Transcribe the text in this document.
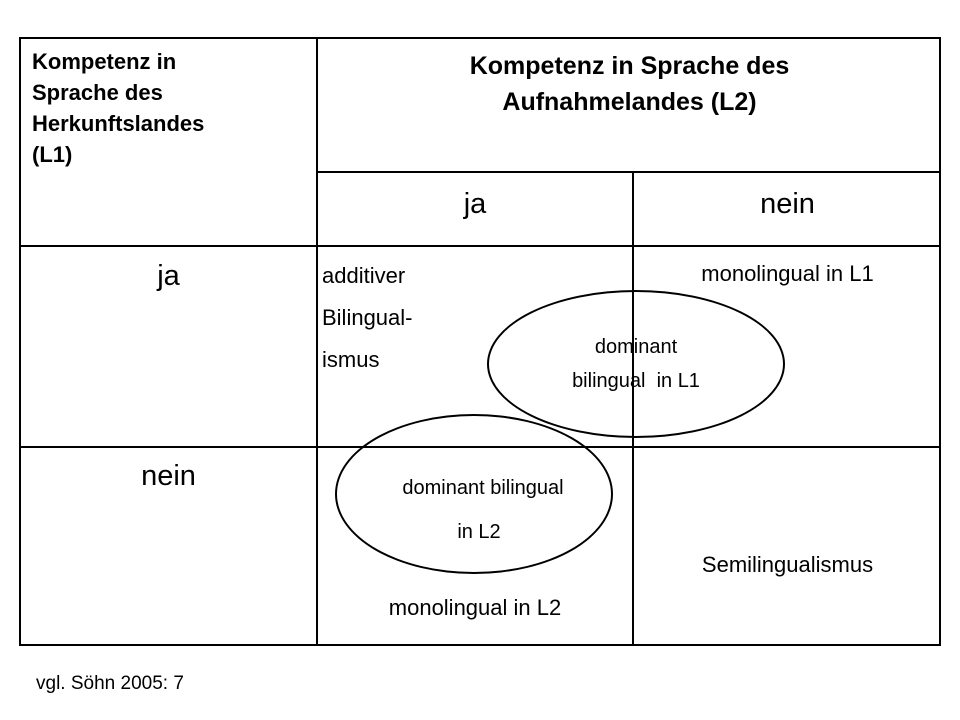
Kompetenz in
Sprache des
Herkunftslandes
(L1)
Kompetenz in Sprache des
Aufnahmelandes (L2)
ja	nein
ja	additiver
Bilingual-
ismus
monolingual in L1
nein
monolingual in L2
Semilingualismus
dominant
bilingual  in L1
dominant bilingual
in L2
vgl. Söhn 2005: 7
